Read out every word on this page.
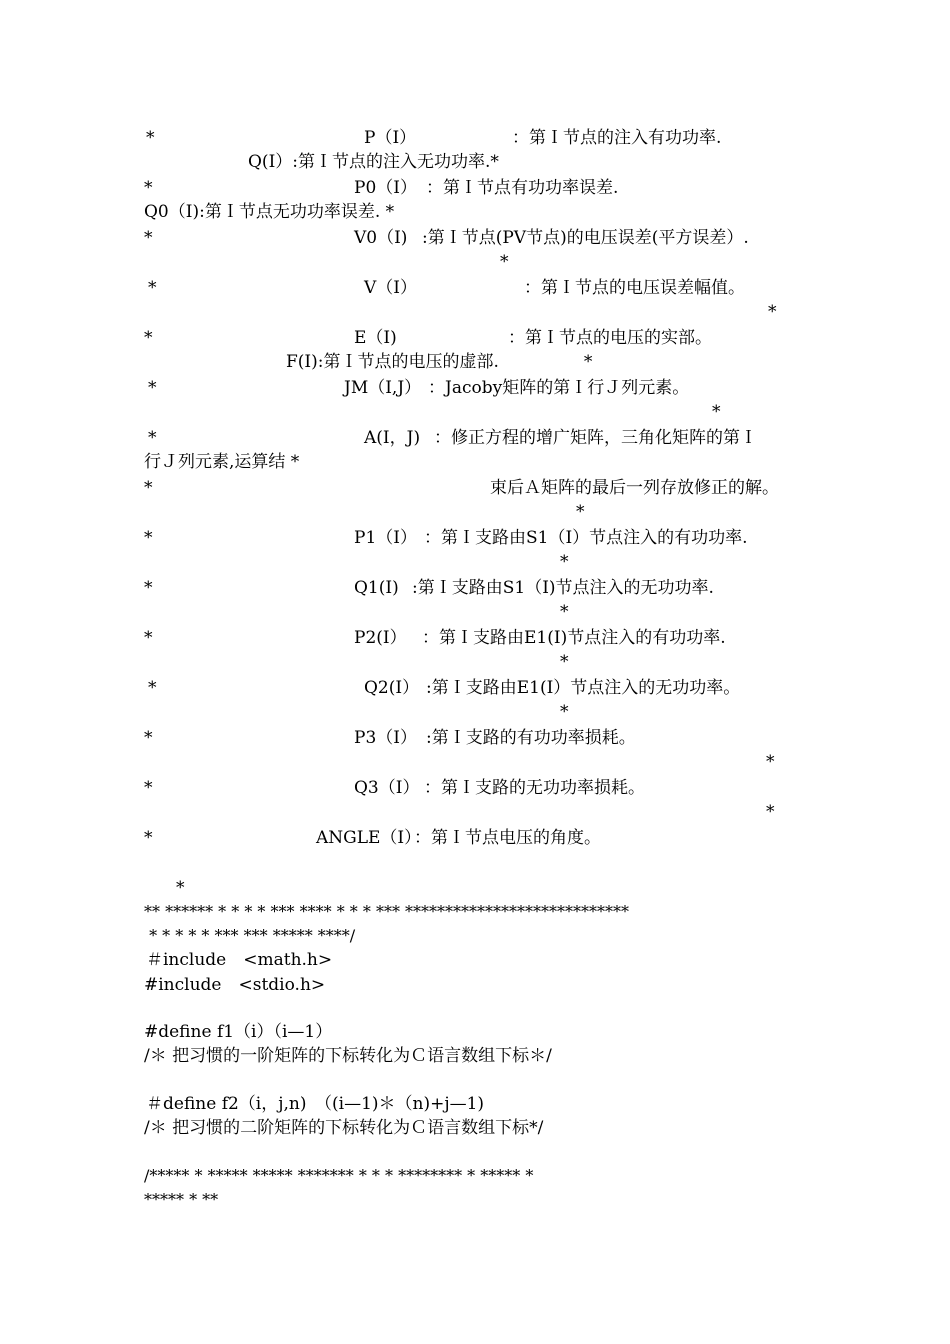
*	P（I）	：第Ｉ节点的注入有功功率.
Q(I）:第Ｉ节点的注入无功功率.*
*	P0（I） ：第Ｉ节点有功功率误差.
Q0（I):第Ｉ节点无功功率误差. *
*	V0（I) :第Ｉ节点(PV节点)的电压误差(平方误差）.
*
*	V（I）	：第Ｉ节点的电压误差幅值。
*
*	E（I)	：第Ｉ节点的电压的实部。
F(I):第Ｉ节点的电压的虚部.　　　　　*
*	JM（I,J） ：Jacoby矩阵的第Ｉ行Ｊ列元素。
*
*	A(I，J) ：修正方程的增广矩阵，三角化矩阵的第Ｉ
行Ｊ列元素,运算结 *
*	束后Ａ矩阵的最后一列存放修正的解。
*
*	P1（I） ：第Ｉ支路由S1（I）节点注入的有功功率.
*
*	Q1(I) :第Ｉ支路由S1（I)节点注入的无功功率.
*
*	P2(I） ：第Ｉ支路由E1(I)节点注入的有功功率.
*
*	Q2(I） :第Ｉ支路由E1(I）节点注入的无功功率。
*
*	P3（I） :第Ｉ支路的有功功率损耗。
*
*	Q3（I） ：第Ｉ支路的无功功率损耗。
*
*	ANGLE（I）
：第Ｉ节点电压的角度。
*
** ****** * * * * *** **** * * * *** ****************************
* * * * * *** *** ***** ****/
＃include　<math.h>
#include　<stdio.h>
#define f1（i）（i—1）
/＊ 把习惯的一阶矩阵的下标转化为Ｃ语言数组下标＊/
＃define f2（i，j,n)　（(i—1)＊（n)+j—1)
/＊ 把习惯的二阶矩阵的下标转化为Ｃ语言数组下标*/
/***** * ***** ***** ******* * * * ******** * ***** *
***** * **
